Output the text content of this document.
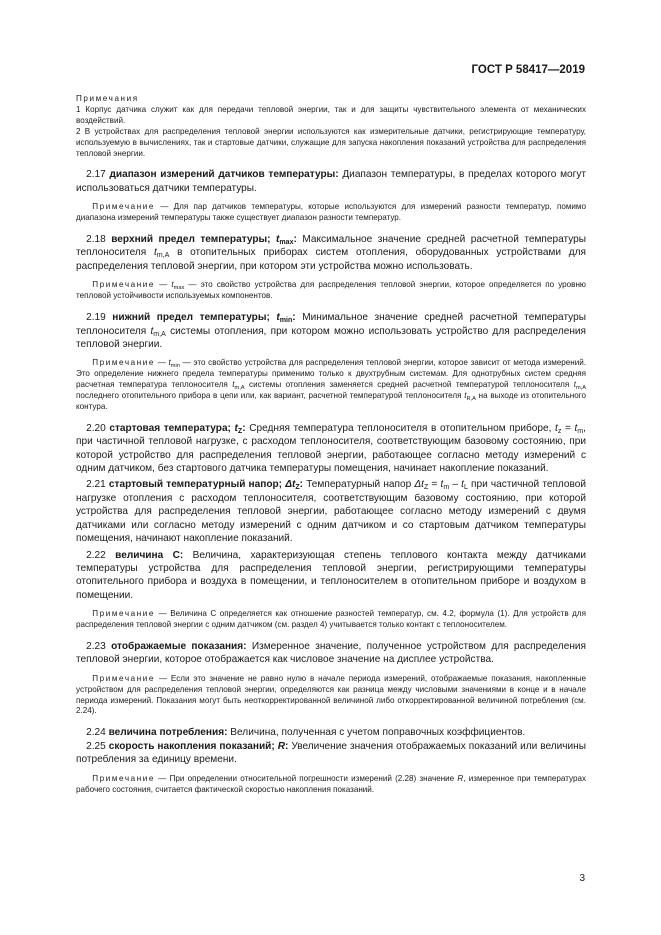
ГОСТ Р 58417—2019

Примечания

1 Корпус датчика служит как для передачи тепловой энергии, так и для защиты чувствительного элемента от механических воздействий.

2 В устройствах для распределения тепловой энергии используются как измерительные датчики, регистрирующие температуру, используемую в вычислениях, так и стартовые датчики, служащие для запуска накопления показаний устройства для распределения тепловой энергии.

 2.17 диапазон измерений датчиков температуры: Диапазон температуры, в пределах которого могут использоваться датчики температуры.

  Примечание — Для пар датчиков температуры, которые используются для измерений разности температур, помимо диапазона измерений температуры также существует диапазон разности температур.

 2.18 верхний предел температуры; $t_{max}$: Максимальное значение средней расчетной температуры теплоносителя $t_{m,A}$ в отопительных приборах систем отопления, оборудованных устройствами для распределения тепловой энергии, при котором эти устройства можно использовать.

  Примечание — $t_{max}$ — это свойство устройства для распределения тепловой энергии, которое определяется по уровню тепловой устойчивости используемых компонентов.

 2.19 нижний предел температуры; $t_{min}$: Минимальное значение средней расчетной температуры теплоносителя $t_{m,A}$ системы отопления, при котором можно использовать устройство для распределения тепловой энергии.

  Примечание — $t_{min}$ — это свойство устройства для распределения тепловой энергии, которое зависит от метода измерений. Это определение нижнего предела температуры применимо только к двухтрубным системам. Для однотрубных систем средняя расчетная температура теплоносителя $t_{m,A}$ системы отопления заменяется средней расчетной температурой теплоносителя $t_{m,A}$ последнего отопительного прибора в цепи или, как вариант, расчетной температурой теплоносителя $t_{R,A}$ на выходе из отопительного контура.

 2.20 стартовая температура; $t_Z$: Средняя температура теплоносителя в отопительном приборе, $t_z = t_m$, при частичной тепловой нагрузке, с расходом теплоносителя, соответствующим базовому состоянию, при которой устройство для распределения тепловой энергии, работающее согласно методу измерений с одним датчиком, без стартового датчика температуры помещения, начинает накопление показаний.

 2.21 стартовый температурный напор; $\Delta t_Z$: Температурный напор $\Delta t_Z = t_m - t_L$ при частичной тепловой нагрузке отопления с расходом теплоносителя, соответствующим базовому состоянию, при которой устройства для распределения тепловой энергии, работающее согласно методу измерений с двумя датчиками или согласно методу измерений с одним датчиком и со стартовым датчиком температуры помещения, начинают накопление показаний.

 2.22 величина С: Величина, характеризующая степень теплового контакта между датчиками температуры устройства для распределения тепловой энергии, регистрирующими температуры отопительного прибора и воздуха в помещении, и теплоносителем в отопительном приборе и воздухом в помещении.

  Примечание — Величина С определяется как отношение разностей температур, см. 4.2, формула (1). Для устройств для распределения тепловой энергии с одним датчиком (см. раздел 4) учитывается только контакт с теплоносителем.

 2.23 отображаемые показания: Измеренное значение, полученное устройством для распределения тепловой энергии, которое отображается как числовое значение на дисплее устройства.

  Примечание — Если это значение не равно нулю в начале периода измерений, отображаемые показания, накопленные устройством для распределения тепловой энергии, определяются как разница между числовыми значениями в конце и в начале периода измерений. Показания могут быть неоткорректированной величиной либо откорректированной величиной потребления (см. 2.24).

 2.24 величина потребления: Величина, полученная с учетом поправочных коэффициентов.

 2.25 скорость накопления показаний; R: Увеличение значения отображаемых показаний или величины потребления за единицу времени.

  Примечание — При определении относительной погрешности измерений (2.28) значение R, измеренное при температурах рабочего состояния, считается фактической скоростью накопления показаний.

3
